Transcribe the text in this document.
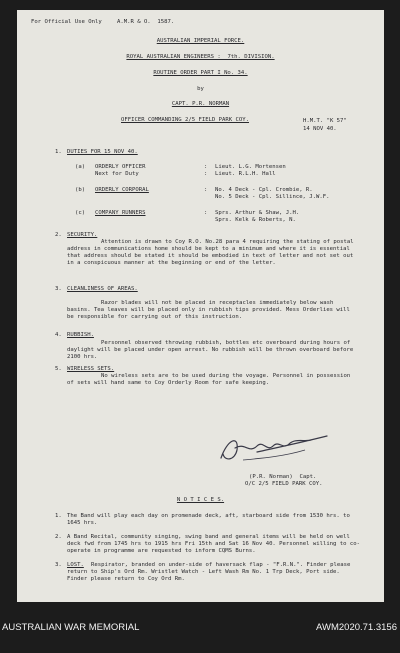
For Official Use Only	A.M.R & O.  1587.
AUSTRALIAN IMPERIAL FORCE.
ROYAL AUSTRALIAN ENGINEERS :  7th. DIVISION.
ROUTINE ORDER PART I No. 34.
by
CAPT. P.R. NORMAN
OFFICER COMMANDING 2/5 FIELD PARK COY.	H.M.T. "K 57"
14 NOV 40.
1. DUTIES FOR 15 NOV 40.
(a) ORDERLY OFFICER	: Lieut. L.G. Mortensen
Next for Duty	: Lieut. R.L.H. Hall
(b) ORDERLY CORPORAL	: No. 4 Deck - Cpl. Crombie, R.
No. 5 Deck - Cpl. Sillince, J.W.F.
(c) COMPANY RUNNERS	: Sprs. Arthur & Shaw, J.H.
Sprs. Kelk & Roberts, N.
2. SECURITY.
Attention is drawn to Coy R.O. No.28 para 4 requiring the stating of postal address in communications home should be kept to a minimum and where it is essential that address should be stated it should be embodied in text of letter and not set out in a conspicuous manner at the beginning or end of the letter.
3. CLEANLINESS OF AREAS.
Razor blades will not be placed in receptacles immediately below wash basins. Tea leaves will be placed only in rubbish tips provided. Mess Orderlies will be responsible for carrying out of this instruction.
4. RUBBISH.
Personnel observed throwing rubbish, bottles etc overboard during hours of daylight will be placed under open arrest. No rubbish will be thrown overboard before 2100 hrs.
5. WIRELESS SETS.
No wireless sets are to be used during the voyage. Personnel in possession of sets will hand same to Coy Orderly Room for safe keeping.
(P.R. Norman)  Capt.
O/C 2/5 FIELD PARK COY.
N O T I C E S.
1. The Band will play each day on promenade deck, aft, starboard side from 1530 hrs. to 1645 hrs.
2. A Band Recital, community singing, swing band and general items will be held on well deck fwd from 1745 hrs to 1915 hrs Fri 15th and Sat 16 Nov 40. Personnel willing to co-operate in programme are requested to inform CQMS Burns.
3. LOST.	Respirator, branded on under-side of haversack flap - "F.R.N.". Finder please return to Ship's Ord Rm. Wristlet Watch - Left Wash Rm No. 1 Trp Deck, Port side. Finder please return to Coy Ord Rm.
AUSTRALIAN WAR MEMORIAL	AWM2020.71.3156
